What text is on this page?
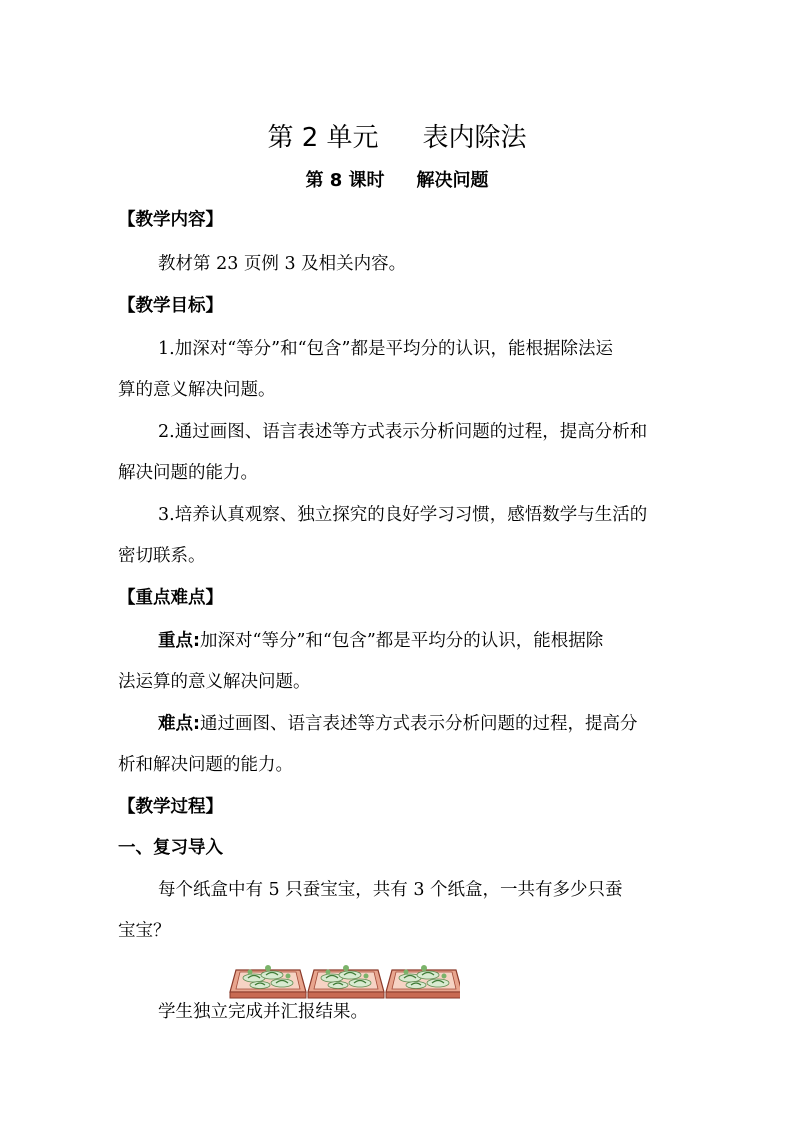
第 2 单元 表内除法
第 8 课时 解决问题
【教学内容】
教材第 23 页例 3 及相关内容。
【教学目标】
1.加深对“等分”和“包含”都是平均分的认识，能根据除法运
算的意义解决问题。
2.通过画图、语言表述等方式表示分析问题的过程，提高分析和
解决问题的能力。
3.培养认真观察、独立探究的良好学习习惯，感悟数学与生活的
密切联系。
【重点难点】
重点:加深对“等分”和“包含”都是平均分的认识，能根据除
法运算的意义解决问题。
难点:通过画图、语言表述等方式表示分析问题的过程，提高分
析和解决问题的能力。
【教学过程】
一、复习导入
每个纸盒中有 5 只蚕宝宝，共有 3 个纸盒，一共有多少只蚕
宝宝？
学生独立完成并汇报结果。
